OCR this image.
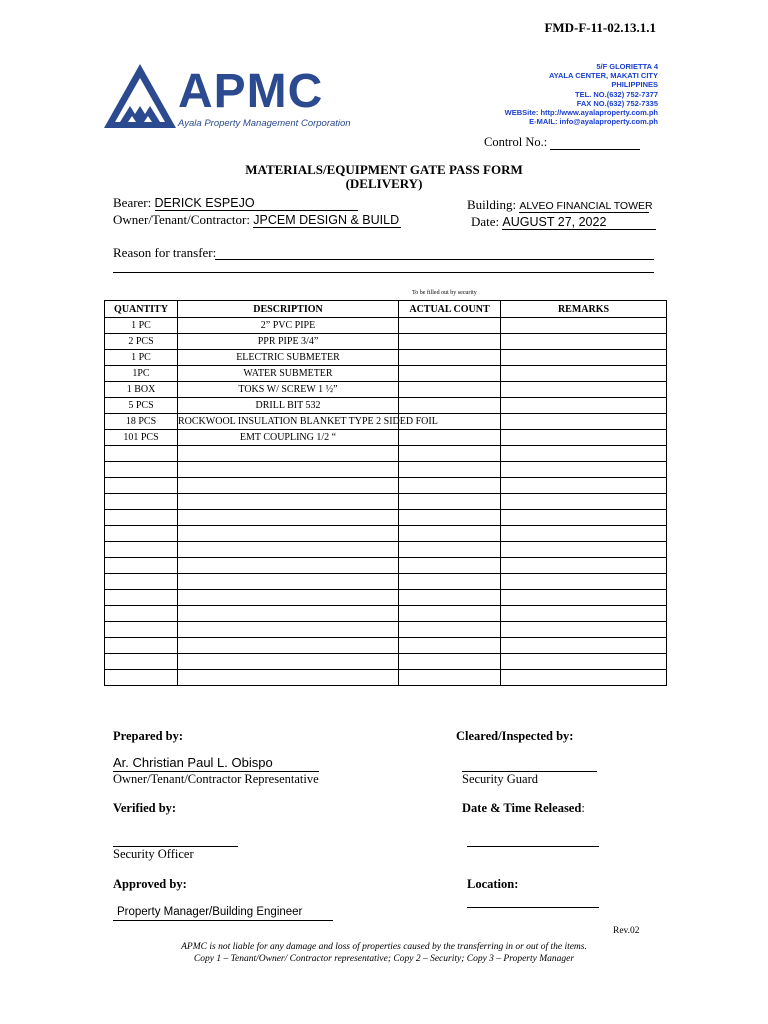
FMD-F-11-02.13.1.1
APMC
Ayala Property Management Corporation
5/F GLORIETTA 4
AYALA CENTER, MAKATI CITY
PHILIPPINES
TEL. NO.(632) 752-7377
FAX NO.(632) 752-7335
WEBSite: http://www.ayalaproperty.com.ph
E-MAIL: info@ayalaproperty.com.ph
Control No.:
MATERIALS/EQUIPMENT GATE PASS FORM
(DELIVERY)
Bearer: DERICK ESPEJO
Owner/Tenant/Contractor: JPCEM DESIGN & BUILD
Building: ALVEO FINANCIAL TOWER
Date: AUGUST 27, 2022
Reason for transfer:
To be filled out by security
QUANTITY	DESCRIPTION	ACTUAL COUNT	REMARKS
1 PC	2” PVC PIPE		
2 PCS	PPR PIPE 3/4”		
1 PC	ELECTRIC SUBMETER		
1PC	WATER SUBMETER		
1 BOX	TOKS W/ SCREW 1 ½”		
5 PCS	DRILL BIT 532		
18 PCS	ROCKWOOL INSULATION BLANKET TYPE 2 SIDED FOIL		
101 PCS	EMT COUPLING 1/2 “		

Prepared by:	Cleared/Inspected by:
Ar. Christian Paul L. Obispo
Owner/Tenant/Contractor Representative	Security Guard
Verified by:	Date & Time Released:
Security Officer
Approved by:	Location:
Property Manager/Building Engineer
Rev.02
APMC is not liable for any damage and loss of properties caused by the transferring in or out of the items.
Copy 1 – Tenant/Owner/ Contractor representative; Copy 2 – Security; Copy 3 – Property Manager
